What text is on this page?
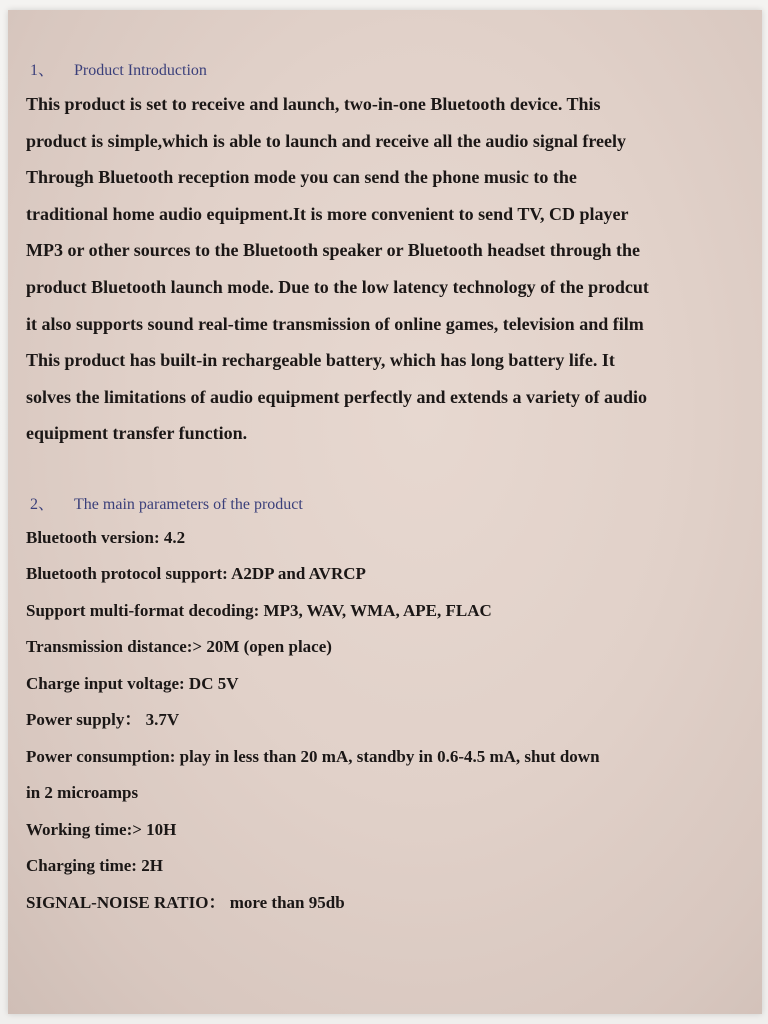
1、 Product Introduction
This product is set to receive and launch, two-in-one Bluetooth device. This
product is simple,which is able to launch and receive all the audio signal freely
Through Bluetooth reception mode you can send the phone music to the
traditional home audio equipment.It is more convenient to send TV, CD player
MP3 or other sources to the Bluetooth speaker or Bluetooth headset through the
product Bluetooth launch mode. Due to the low latency technology of the prodcut
it also supports sound real-time transmission of online games, television and film
This product has built-in rechargeable battery, which has long battery life. It
solves the limitations of audio equipment perfectly and extends a variety of audio
equipment transfer function.
2、 The main parameters of the product
Bluetooth version: 4.2
Bluetooth protocol support: A2DP and AVRCP
Support multi-format decoding: MP3, WAV, WMA, APE, FLAC
Transmission distance:> 20M (open place)
Charge input voltage: DC 5V
Power supply： 3.7V
Power consumption: play in less than 20 mA, standby in 0.6-4.5 mA, shut down
in 2 microamps
Working time:> 10H
Charging time: 2H
SIGNAL-NOISE RATIO： more than 95db
